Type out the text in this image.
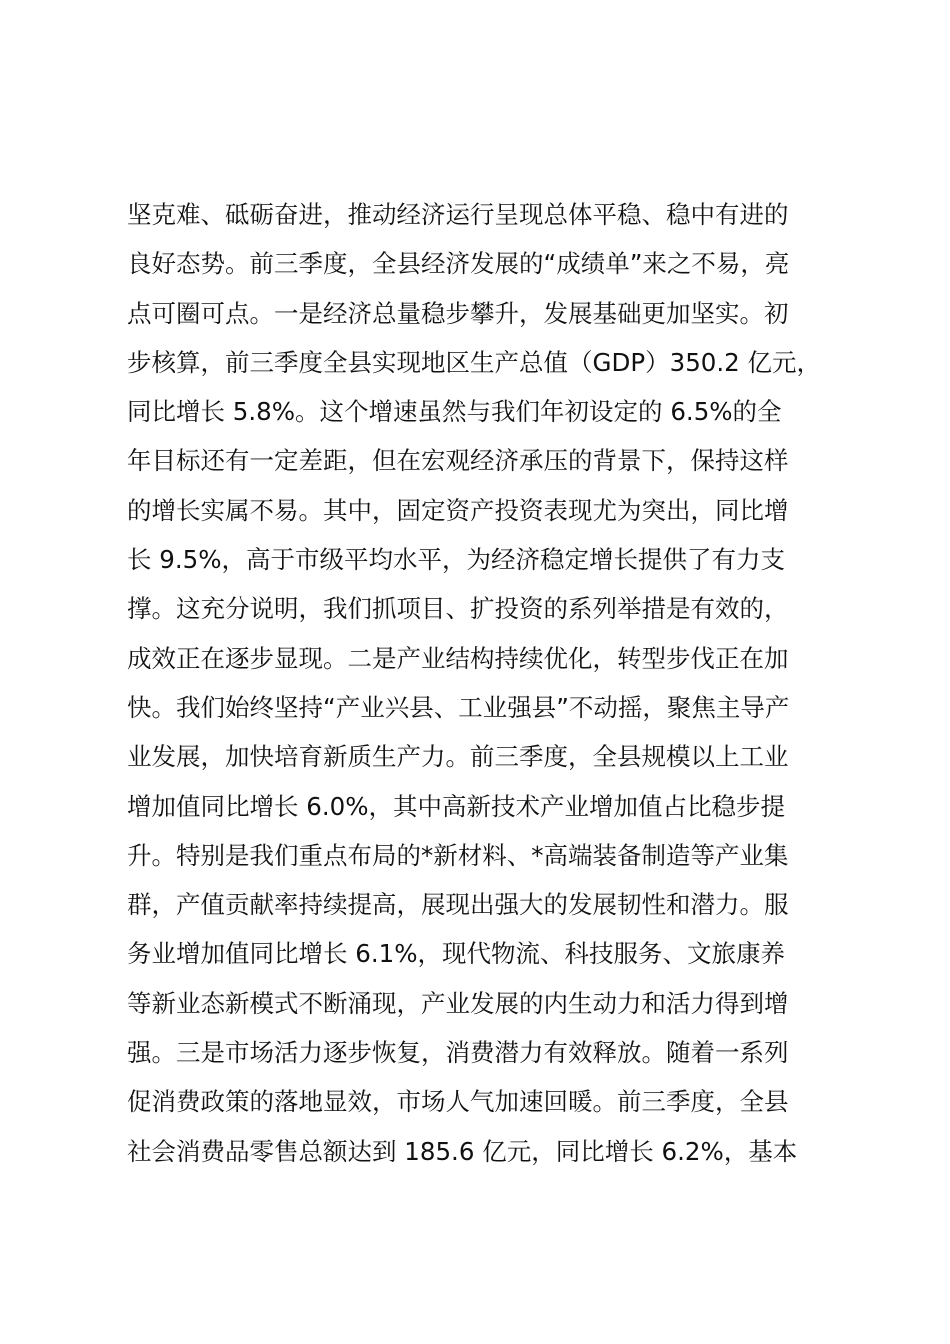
坚克难、砥砺奋进，推动经济运行呈现总体平稳、稳中有进的
良好态势。前三季度，全县经济发展的“成绩单”来之不易，亮
点可圈可点。一是经济总量稳步攀升，发展基础更加坚实。初
步核算，前三季度全县实现地区生产总值（GDP）350.2 亿元，
同比增长 5.8%。这个增速虽然与我们年初设定的 6.5%的全
年目标还有一定差距，但在宏观经济承压的背景下，保持这样
的增长实属不易。其中，固定资产投资表现尤为突出，同比增
长 9.5%，高于市级平均水平，为经济稳定增长提供了有力支
撑。这充分说明，我们抓项目、扩投资的系列举措是有效的，
成效正在逐步显现。二是产业结构持续优化，转型步伐正在加
快。我们始终坚持“产业兴县、工业强县”不动摇，聚焦主导产
业发展，加快培育新质生产力。前三季度，全县规模以上工业
增加值同比增长 6.0%，其中高新技术产业增加值占比稳步提
升。特别是我们重点布局的*新材料、*高端装备制造等产业集
群，产值贡献率持续提高，展现出强大的发展韧性和潜力。服
务业增加值同比增长 6.1%，现代物流、科技服务、文旅康养
等新业态新模式不断涌现，产业发展的内生动力和活力得到增
强。三是市场活力逐步恢复，消费潜力有效释放。随着一系列
促消费政策的落地显效，市场人气加速回暖。前三季度，全县
社会消费品零售总额达到 185.6 亿元，同比增长 6.2%，基本
